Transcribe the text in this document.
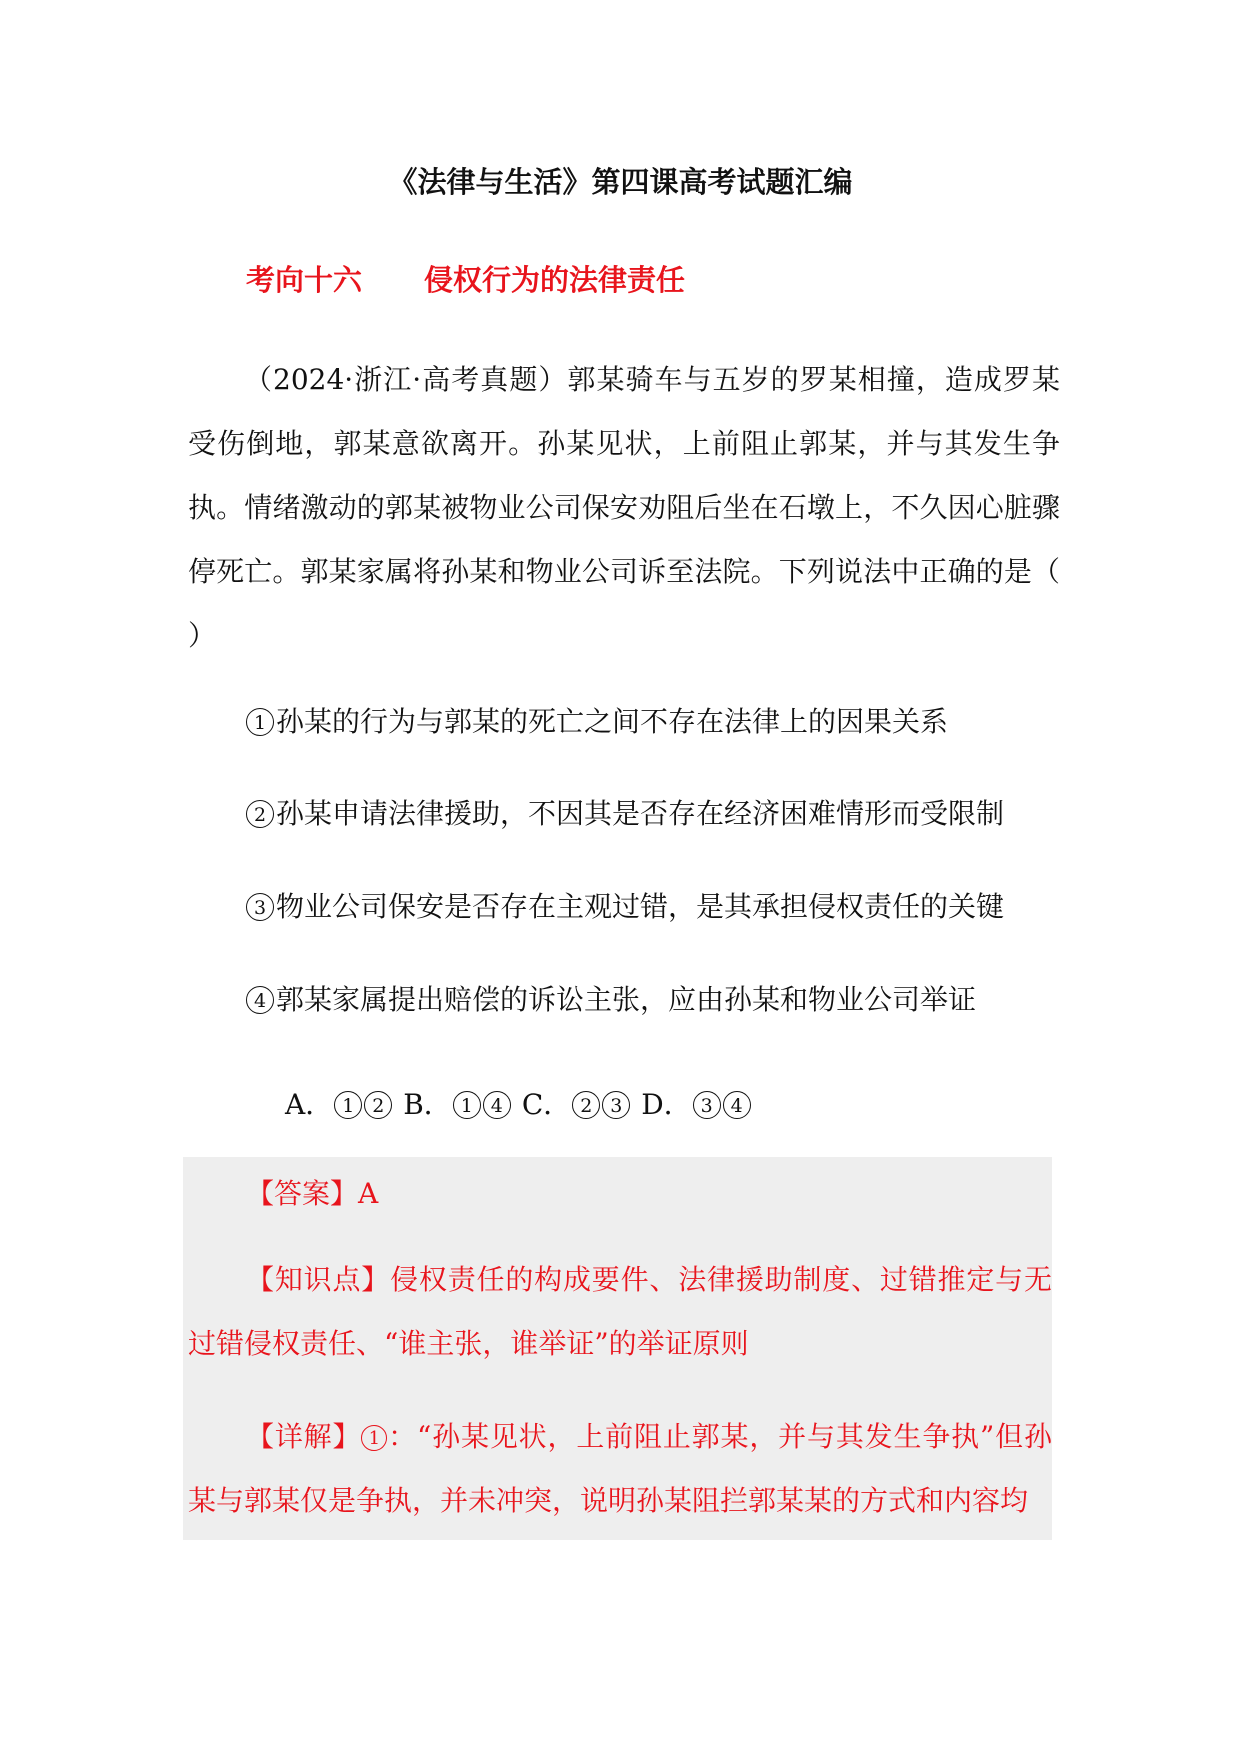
《法律与生活》第四课高考试题汇编
考向十六 侵权行为的法律责任
（2024·浙江·高考真题）郭某骑车与五岁的罗某相撞，造成罗某受伤倒地，郭某意欲离开。孙某见状，上前阻止郭某，并与其发生争执。情绪激动的郭某被物业公司保安劝阻后坐在石墩上，不久因心脏骤停死亡。郭某家属将孙某和物业公司诉至法院。下列说法中正确的是（ ）
1 孙某的行为与郭某的死亡之间不存在法律上的因果关系
2 孙某申请法律援助，不因其是否存在经济困难情形而受限制
3 物业公司保安是否存在主观过错，是其承担侵权责任的关键
4 郭某家属提出赔偿的诉讼主张，应由孙某和物业公司举证
A． 1 2 B． 1 4 C． 2 3 D． 3 4
【答案】A
【知识点】侵权责任的构成要件、法律援助制度、过错推定与无过错侵权责任、“谁主张，谁举证”的举证原则
【详解】 1 ：“孙某见状，上前阻止郭某，并与其发生争执”但孙某与郭某仅是争执，并未冲突，说明孙某阻拦郭某某的方式和内容均
